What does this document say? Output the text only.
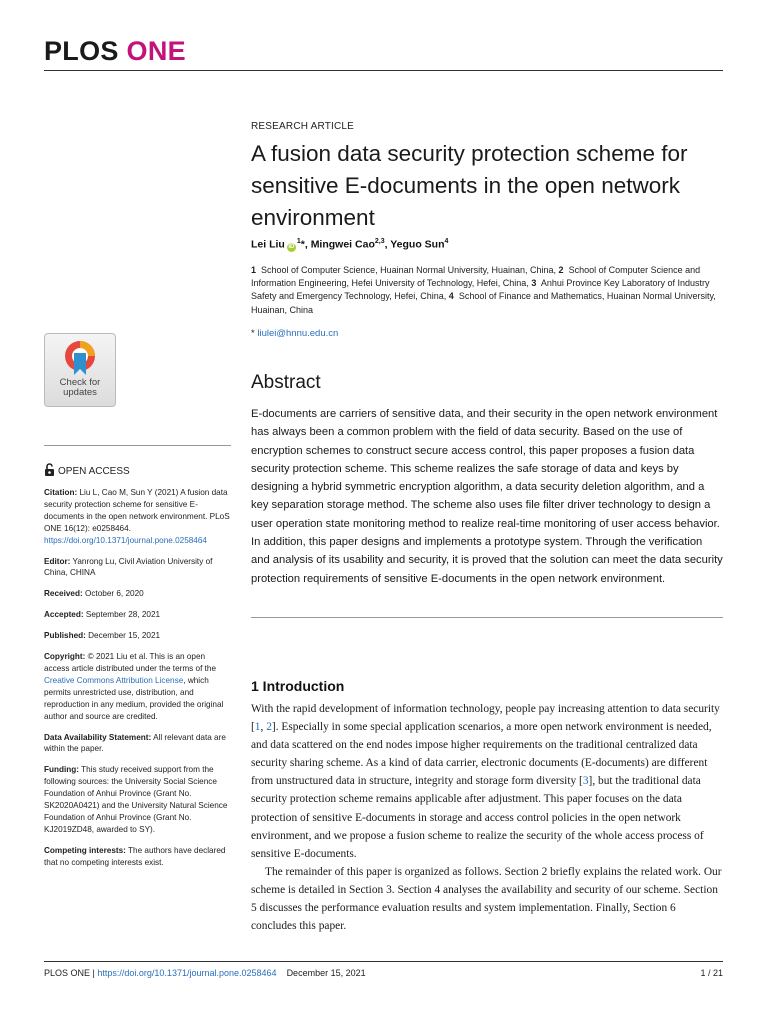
PLOS ONE
Check for
updates
OPEN ACCESS
Citation: Liu L, Cao M, Sun Y (2021) A fusion data security protection scheme for sensitive E-documents in the open network environment. PLoS ONE 16(12): e0258464. https://doi.org/10.1371/journal.pone.0258464
Editor: Yanrong Lu, Civil Aviation University of China, CHINA
Received: October 6, 2020
Accepted: September 28, 2021
Published: December 15, 2021
Copyright: © 2021 Liu et al. This is an open access article distributed under the terms of the Creative Commons Attribution License, which permits unrestricted use, distribution, and reproduction in any medium, provided the original author and source are credited.
Data Availability Statement: All relevant data are within the paper.
Funding: This study received support from the following sources: the University Social Science Foundation of Anhui Province (Grant No. SK2020A0421) and the University Natural Science Foundation of Anhui Province (Grant No. KJ2019ZD48, awarded to SY).
Competing interests: The authors have declared that no competing interests exist.
RESEARCH ARTICLE
A fusion data security protection scheme for sensitive E-documents in the open network environment
Lei Liu $iD^1*$, Mingwei Cao$^{2,3}$, Yeguo Sun$^4$
1 School of Computer Science, Huainan Normal University, Huainan, China, 2 School of Computer Science and Information Engineering, Hefei University of Technology, Hefei, China, 3 Anhui Province Key Laboratory of Industry Safety and Emergency Technology, Hefei, China, 4 School of Finance and Mathematics, Huainan Normal University, Huainan, China
* liulei@hnnu.edu.cn
Abstract
E-documents are carriers of sensitive data, and their security in the open network environment has always been a common problem with the field of data security. Based on the use of encryption schemes to construct secure access control, this paper proposes a fusion data security protection scheme. This scheme realizes the safe storage of data and keys by designing a hybrid symmetric encryption algorithm, a data security deletion algorithm, and a key separation storage method. The scheme also uses file filter driver technology to design a user operation state monitoring method to realize real-time monitoring of user access behavior. In addition, this paper designs and implements a prototype system. Through the verification and analysis of its usability and security, it is proved that the solution can meet the data security protection requirements of sensitive E-documents in the open network environment.
1 Introduction

With the rapid development of information technology, people pay increasing attention to data security [1, 2]. Especially in some special application scenarios, a more open network environment is needed, and data scattered on the end nodes impose higher requirements on the traditional centralized data security sharing scheme. As a kind of data carrier, electronic documents (E-documents) are different from unstructured data in structure, integrity and storage form diversity [3], but the traditional data security protection scheme remains applicable after adjustment. This paper focuses on the data protection of sensitive E-documents in storage and access control policies in the open network environment, and we propose a fusion scheme to realize the security of the whole access process of sensitive E-documents.

The remainder of this paper is organized as follows. Section 2 briefly explains the related work. Our scheme is detailed in Section 3. Section 4 analyses the availability and security of our scheme. Section 5 discusses the performance evaluation results and system implementation. Finally, Section 6 concludes this paper.

PLOS ONE | https://doi.org/10.1371/journal.pone.0258464 December 15, 2021	1 / 21
